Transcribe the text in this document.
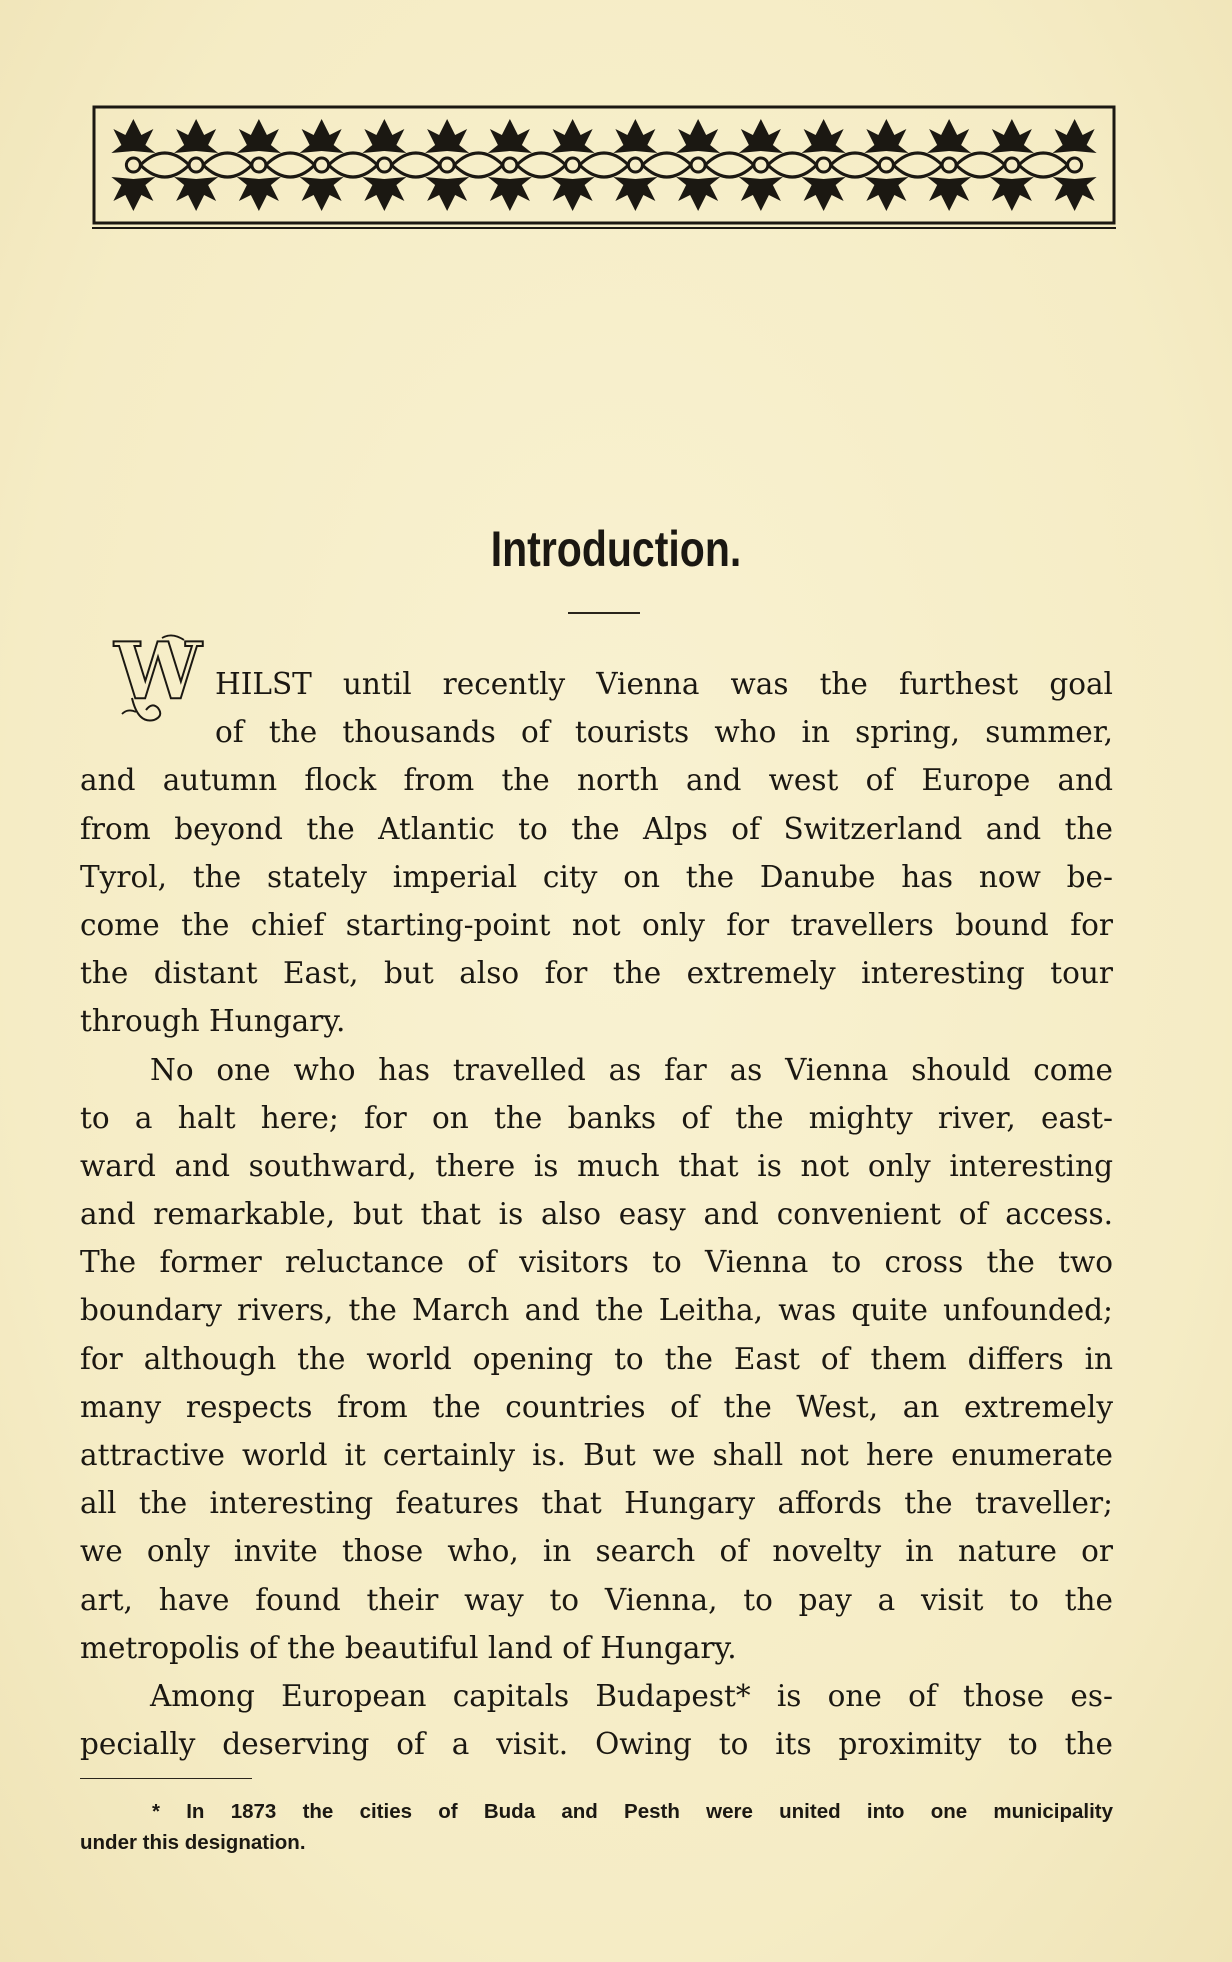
Introduction.
W HILST until recently Vienna was the furthest goal
of the thousands of tourists who in spring, summer,
and autumn flock from the north and west of Europe and
from beyond the Atlantic to the Alps of Switzerland and the
Tyrol, the stately imperial city on the Danube has now be-
come the chief starting-point not only for travellers bound for
the distant East, but also for the extremely interesting tour
through Hungary.
No one who has travelled as far as Vienna should come
to a halt here; for on the banks of the mighty river, east-
ward and southward, there is much that is not only interesting
and remarkable, but that is also easy and convenient of access.
The former reluctance of visitors to Vienna to cross the two
boundary rivers, the March and the Leitha, was quite unfounded;
for although the world opening to the East of them differs in
many respects from the countries of the West, an extremely
attractive world it certainly is. But we shall not here enumerate
all the interesting features that Hungary affords the traveller;
we only invite those who, in search of novelty in nature or
art, have found their way to Vienna, to pay a visit to the
metropolis of the beautiful land of Hungary.
Among European capitals Budapest* is one of those es-
pecially deserving of a visit. Owing to its proximity to the
* In 1873 the cities of Buda and Pesth were united into one municipality
under this designation.
